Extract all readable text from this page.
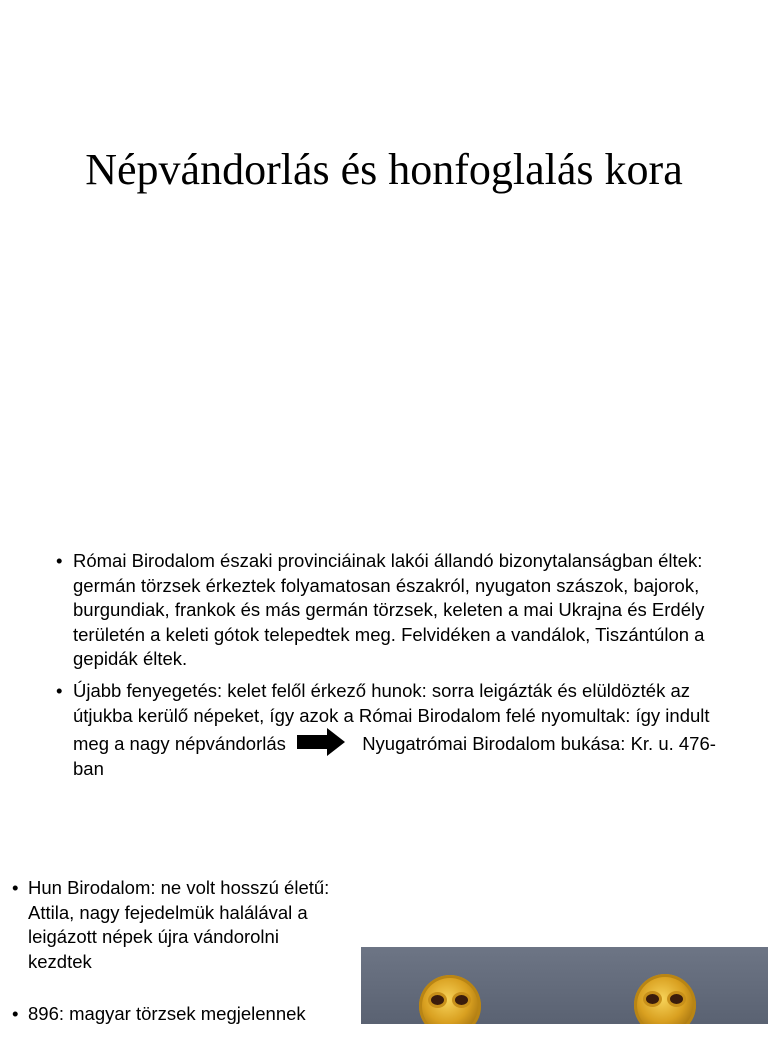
Népvándorlás és honfoglalás kora
• Római Birodalom északi provinciáinak lakói állandó bizonytalanságban éltek: germán törzsek érkeztek folyamatosan északról, nyugaton szászok, bajorok, burgundiak, frankok és más germán törzsek, keleten a mai Ukrajna és Erdély területén a keleti gótok telepedtek meg. Felvidéken a vandálok, Tiszántúlon a gepidák éltek.
• Újabb fenyegetés: kelet felől érkező hunok: sorra leigázták és elüldözték az útjukba kerülő népeket, így azok a Római Birodalom felé nyomultak: így indult meg a nagy népvándorlás	Nyugatrómai Birodalom bukása: Kr. u. 476-ban
• Hun Birodalom: ne volt hosszú életű: Attila, nagy fejedelmük halálával a leigázott népek újra vándorolni kezdtek
• 896: magyar törzsek megjelennek
